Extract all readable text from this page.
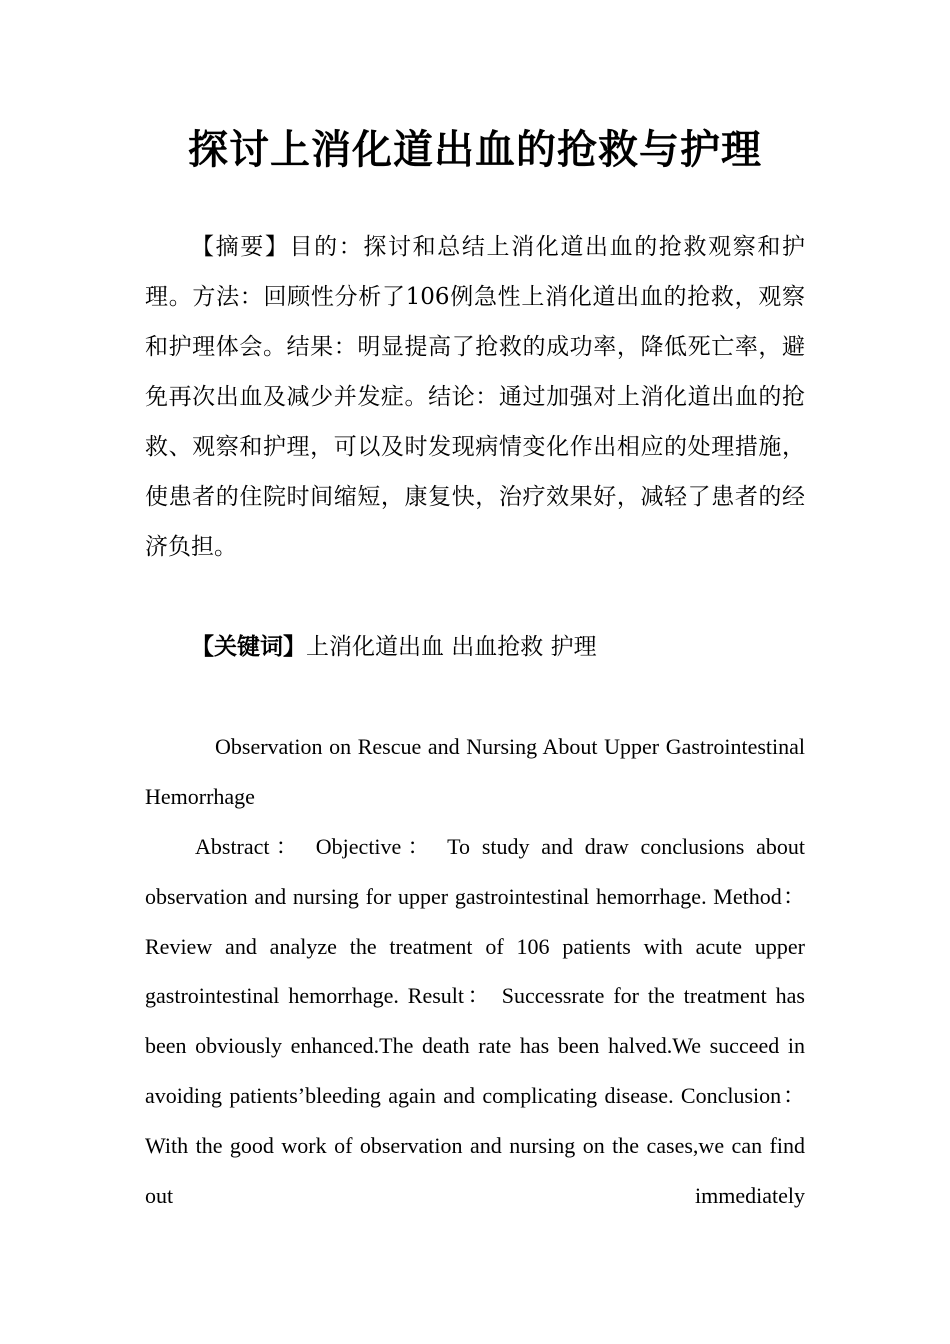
探讨上消化道出血的抢救与护理

【摘要】目的：探讨和总结上消化道出血的抢救观察和护理。方法：回顾性分析了106例急性上消化道出血的抢救，观察和护理体会。结果：明显提高了抢救的成功率，降低死亡率，避免再次出血及减少并发症。结论：通过加强对上消化道出血的抢救、观察和护理，可以及时发现病情变化作出相应的处理措施，使患者的住院时间缩短，康复快，治疗效果好，减轻了患者的经济负担。

【关键词】上消化道出血 出血抢救 护理

Observation on Rescue and Nursing About Upper Gastrointestinal Hemorrhage

Abstract： Objective： To study and draw conclusions about observation and nursing for upper gastrointestinal hemorrhage. Method： Review and analyze the treatment of 106 patients with acute upper gastrointestinal hemorrhage. Result： Successrate for the treatment has been obviously enhanced.The death rate has been halved.We succeed in avoiding patients’bleeding again and complicating disease. Conclusion： With the good work of observation and nursing on the cases,we can find out immediately
